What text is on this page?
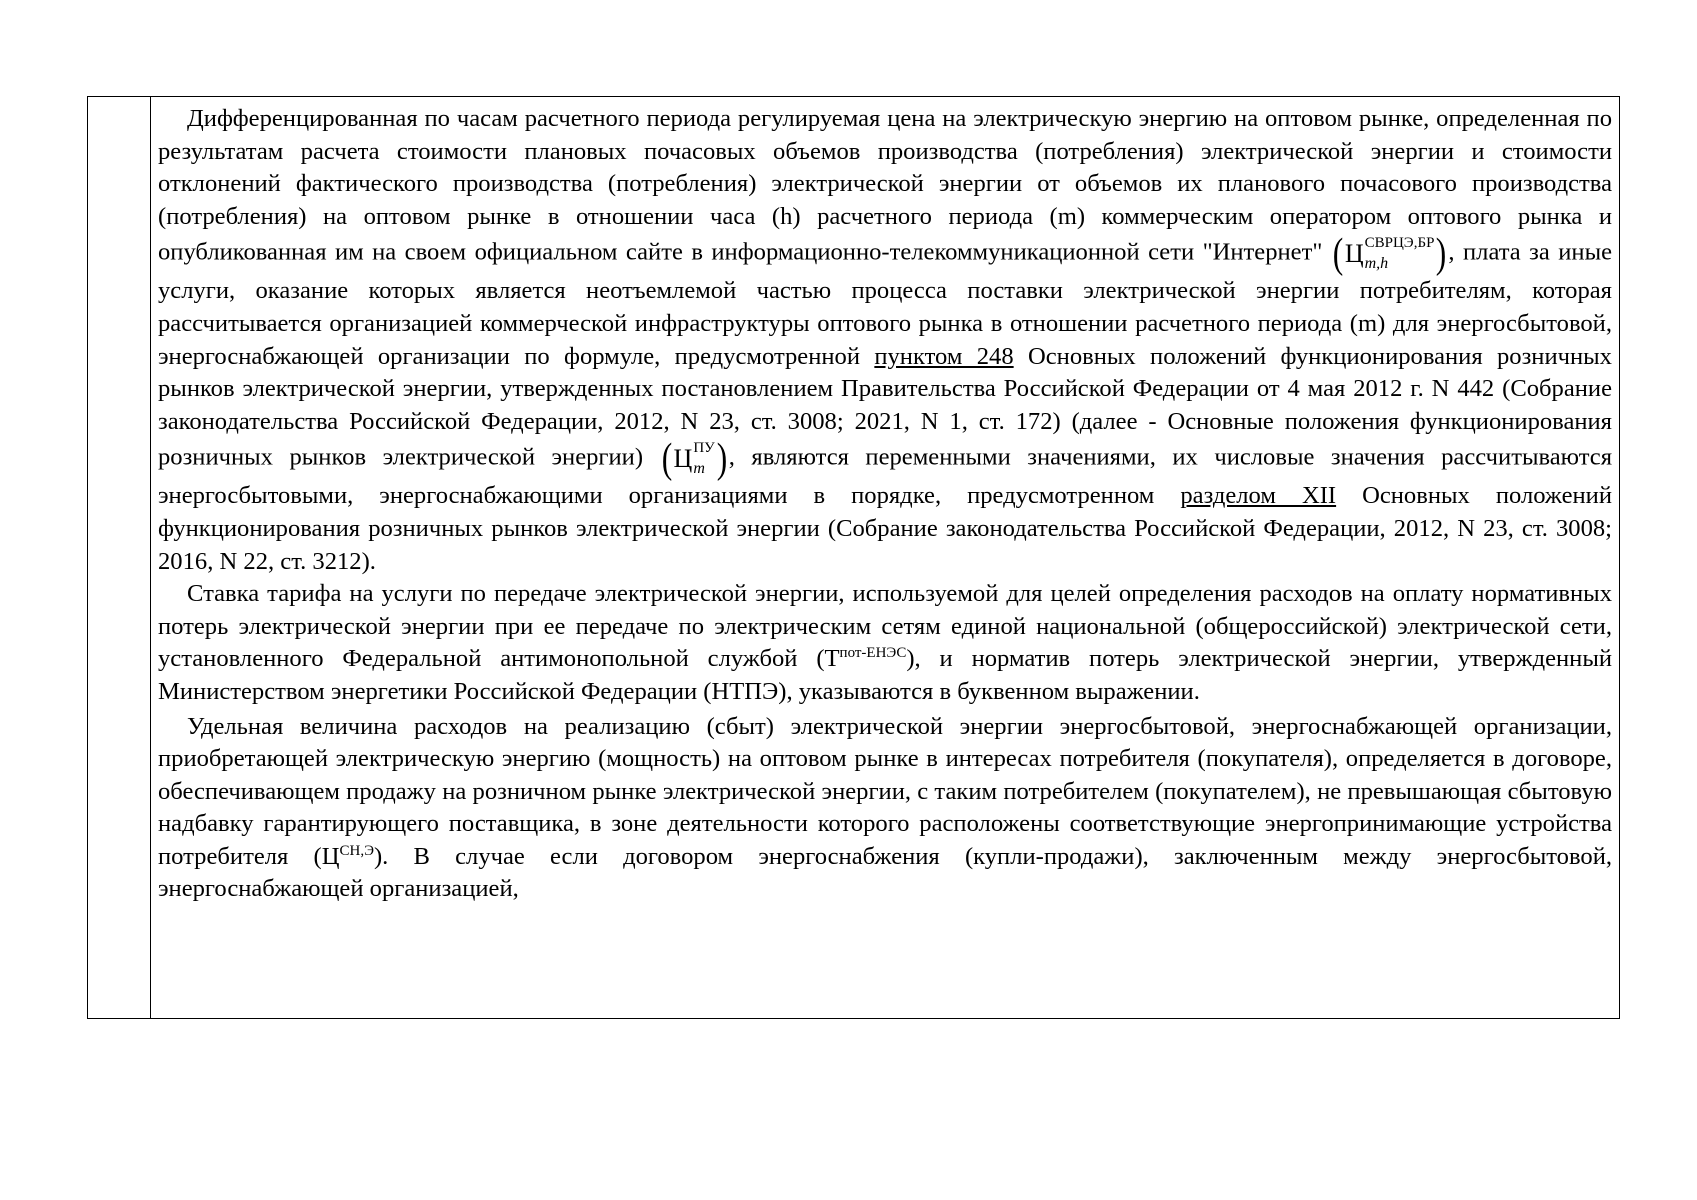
Дифференцированная по часам расчетного периода регулируемая цена на электрическую энергию на оптовом рынке, определенная по результатам расчета стоимости плановых почасовых объемов производства (потребления) электрической энергии и стоимости отклонений фактического производства (потребления) электрической энергии от объемов их планового почасового производства (потребления) на оптовом рынке в отношении часа (h) расчетного периода (m) коммерческим оператором оптового рынка и опубликованная им на своем официальном сайте в информационно-телекоммуникационной сети "Интернет" (Ц СВРЦЭ,БР
m,h	), плата за иные услуги, оказание которых является неотъемлемой частью процесса поставки электрической энергии потребителям, которая рассчитывается организацией коммерческой инфраструктуры оптового рынка в отношении расчетного периода (m) для энергосбытовой, энергоснабжающей организации по формуле, предусмотренной пунктом 248 Основных положений функционирования розничных рынков электрической энергии, утвержденных постановлением Правительства Российской Федерации от 4 мая 2012 г. N 442 (Собрание законодательства Российской Федерации, 2012, N 23, ст. 3008; 2021, N 1, ст. 172) (далее - Основные положения функционирования розничных рынков электрической энергии) (Ц ПУ
m ), являются переменными значениями, их числовые значения рассчитываются энергосбытовыми, энергоснабжающими организациями в порядке, предусмотренном разделом XII Основных положений функционирования розничных рынков электрической энергии (Собрание законодательства Российской Федерации, 2012, N 23, ст. 3008; 2016, N 22, ст. 3212).

Ставка тарифа на услуги по передаче электрической энергии, используемой для целей определения расходов на оплату нормативных потерь электрической энергии при ее передаче по электрическим сетям единой национальной (общероссийской) электрической сети, установленного Федеральной антимонопольной службой $(Т^{пот-ЕНЭС})$, и норматив потерь электрической энергии, утвержденный Министерством энергетики Российской Федерации (НТПЭ), указываются в буквенном выражении.

Удельная величина расходов на реализацию (сбыт) электрической энергии энергосбытовой, энергоснабжающей организации, приобретающей электрическую энергию (мощность) на оптовом рынке в интересах потребителя (покупателя), определяется в договоре, обеспечивающем продажу на розничном рынке электрической энергии, с таким потребителем (покупателем), не превышающая сбытовую надбавку гарантирующего поставщика, в зоне деятельности которого расположены соответствующие энергопринимающие устройства потребителя $(Ц^{СН,Э})$. В случае если договором энергоснабжения (купли-продажи), заключенным между энергосбытовой, энергоснабжающей организацией,
